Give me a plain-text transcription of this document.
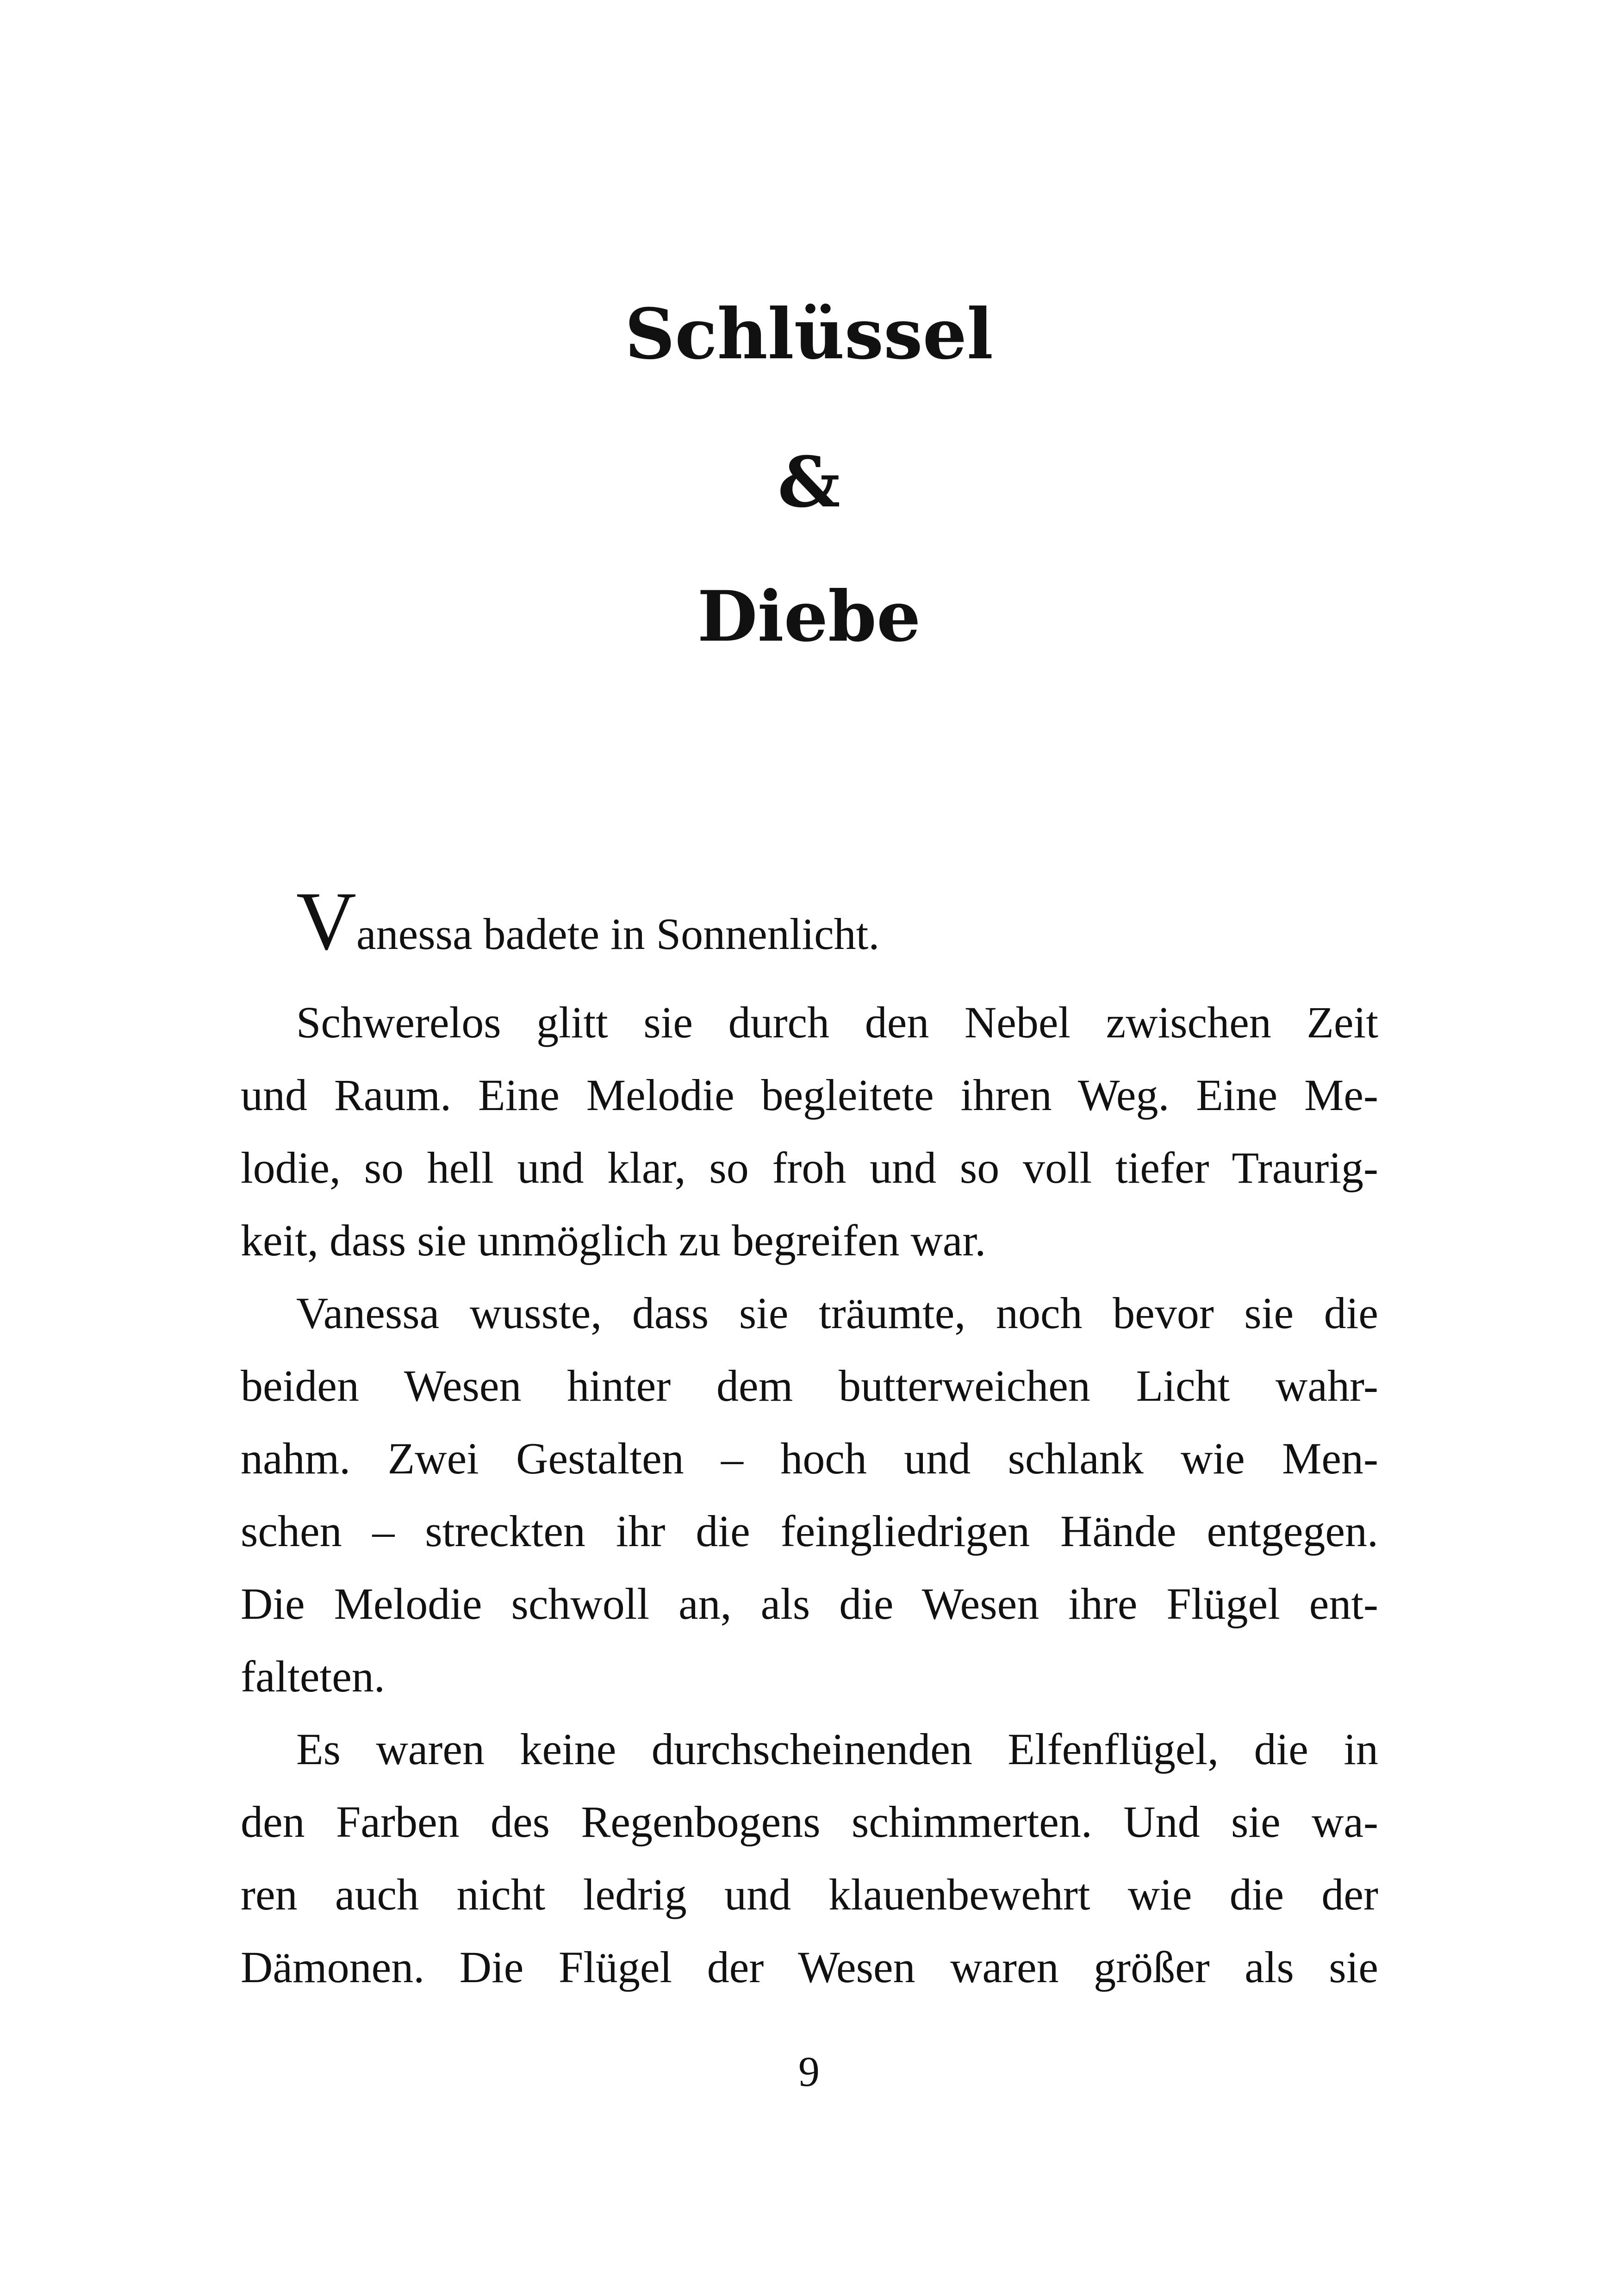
Schlüssel
&
Diebe
Vanessa badete in Sonnenlicht.
Schwerelos glitt sie durch den Nebel zwischen Zeit
und Raum. Eine Melodie begleitete ihren Weg. Eine Me-
lodie, so hell und klar, so froh und so voll tiefer Traurig-
keit, dass sie unmöglich zu begreifen war.
Vanessa wusste, dass sie träumte, noch bevor sie die
beiden Wesen hinter dem butterweichen Licht wahr-
nahm. Zwei Gestalten – hoch und schlank wie Men-
schen – streckten ihr die feingliedrigen Hände entgegen.
Die Melodie schwoll an, als die Wesen ihre Flügel ent-
falteten.
Es waren keine durchscheinenden Elfenflügel, die in
den Farben des Regenbogens schimmerten. Und sie wa-
ren auch nicht ledrig und klauenbewehrt wie die der
Dämonen. Die Flügel der Wesen waren größer als sie
9
